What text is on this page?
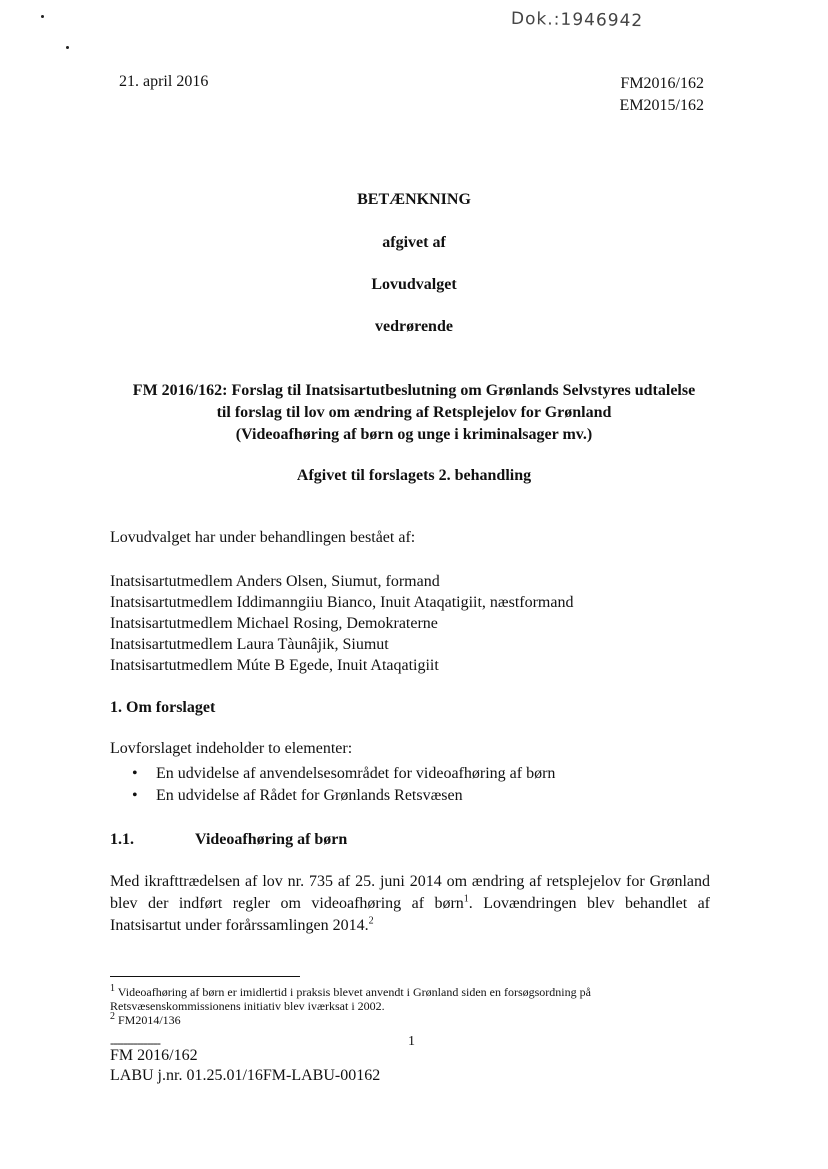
Dok.:1946942
21. april 2016	FM2016/162
EM2015/162
BETÆNKNING
afgivet af
Lovudvalget
vedrørende
FM 2016/162: Forslag til Inatsisartutbeslutning om Grønlands Selvstyres udtalelse
til forslag til lov om ændring af Retsplejelov for Grønland
(Videoafhøring af børn og unge i kriminalsager mv.)
Afgivet til forslagets 2. behandling
Lovudvalget har under behandlingen bestået af:
Inatsisartutmedlem Anders Olsen, Siumut, formand
Inatsisartutmedlem Iddimanngiiu Bianco, Inuit Ataqatigiit, næstformand
Inatsisartutmedlem Michael Rosing, Demokraterne
Inatsisartutmedlem Laura Tàunâjik, Siumut
Inatsisartutmedlem Múte B Egede, Inuit Ataqatigiit
1. Om forslaget
Lovforslaget indeholder to elementer:
• En udvidelse af anvendelsesområdet for videoafhøring af børn
• En udvidelse af Rådet for Grønlands Retsvæsen
1.1.	Videoafhøring af børn
Med ikrafttrædelsen af lov nr. 735 af 25. juni 2014 om ændring af retsplejelov for Grønland blev der indført regler om videoafhøring af børn$^1$. Lovændringen blev behandlet af Inatsisartut under forårssamlingen 2014.$^2$
$^1$ Videoafhøring af børn er imidlertid i praksis blevet anvendt i Grønland siden en forsøgsordning på Retsvæsenskommissionens initiativ blev iværksat i 2002.
$^2$ FM2014/136
---------------	1
FM 2016/162
LABU j.nr. 01.25.01/16FM-LABU-00162
